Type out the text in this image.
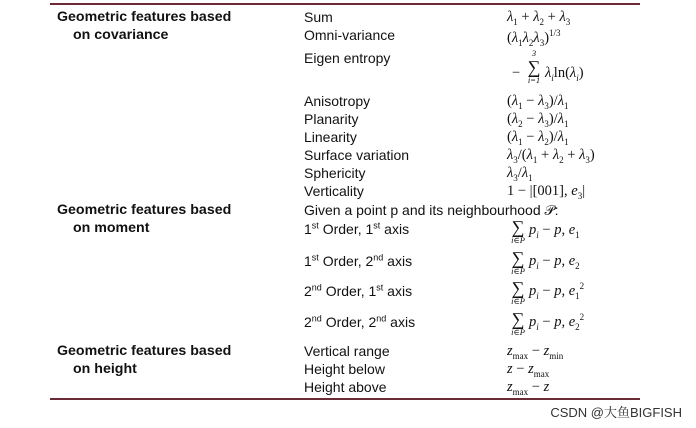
Geometric features based
on covariance
Geometric features based
on moment
Geometric features based
on height
Sum
Omni-variance
Eigen entropy
Anisotropy
Planarity
Linearity
Surface variation
Sphericity
Verticality
$\lambda_1 + \lambda_2 + \lambda_3$
$(\lambda_1\lambda_2\lambda_3)^{1/3}$
−
3
∑
i=1 $\lambda_i\ln(\lambda_i)$
$(\lambda_1 - \lambda_3)/\lambda_1$
$(\lambda_2 - \lambda_3)/\lambda_1$
$(\lambda_1 - \lambda_2)/\lambda_1$
$\lambda_3/(\lambda_1 + \lambda_2 + \lambda_3)$
$\lambda_3/\lambda_1$
1 − |[001], $e_3|$
Given a point p and its neighbourhood 𝒫:
1st Order, 1st axis
1st Order, 2nd axis
2nd Order, 1st axis
2nd Order, 2nd axis
∑
i∈P
$p_i - p$, $e_1$
∑
i∈P
$p_i - p$, $e_2$
∑
i∈P
$p_i - p$, $e_1^2$
∑
i∈P
$p_i - p$, $e_2^2$
Vertical range
Height below
Height above
$z_{max} - z_{min}$
$z - z_{max}$
$z_{max} - z$
CSDN @大鱼BIGFISH
